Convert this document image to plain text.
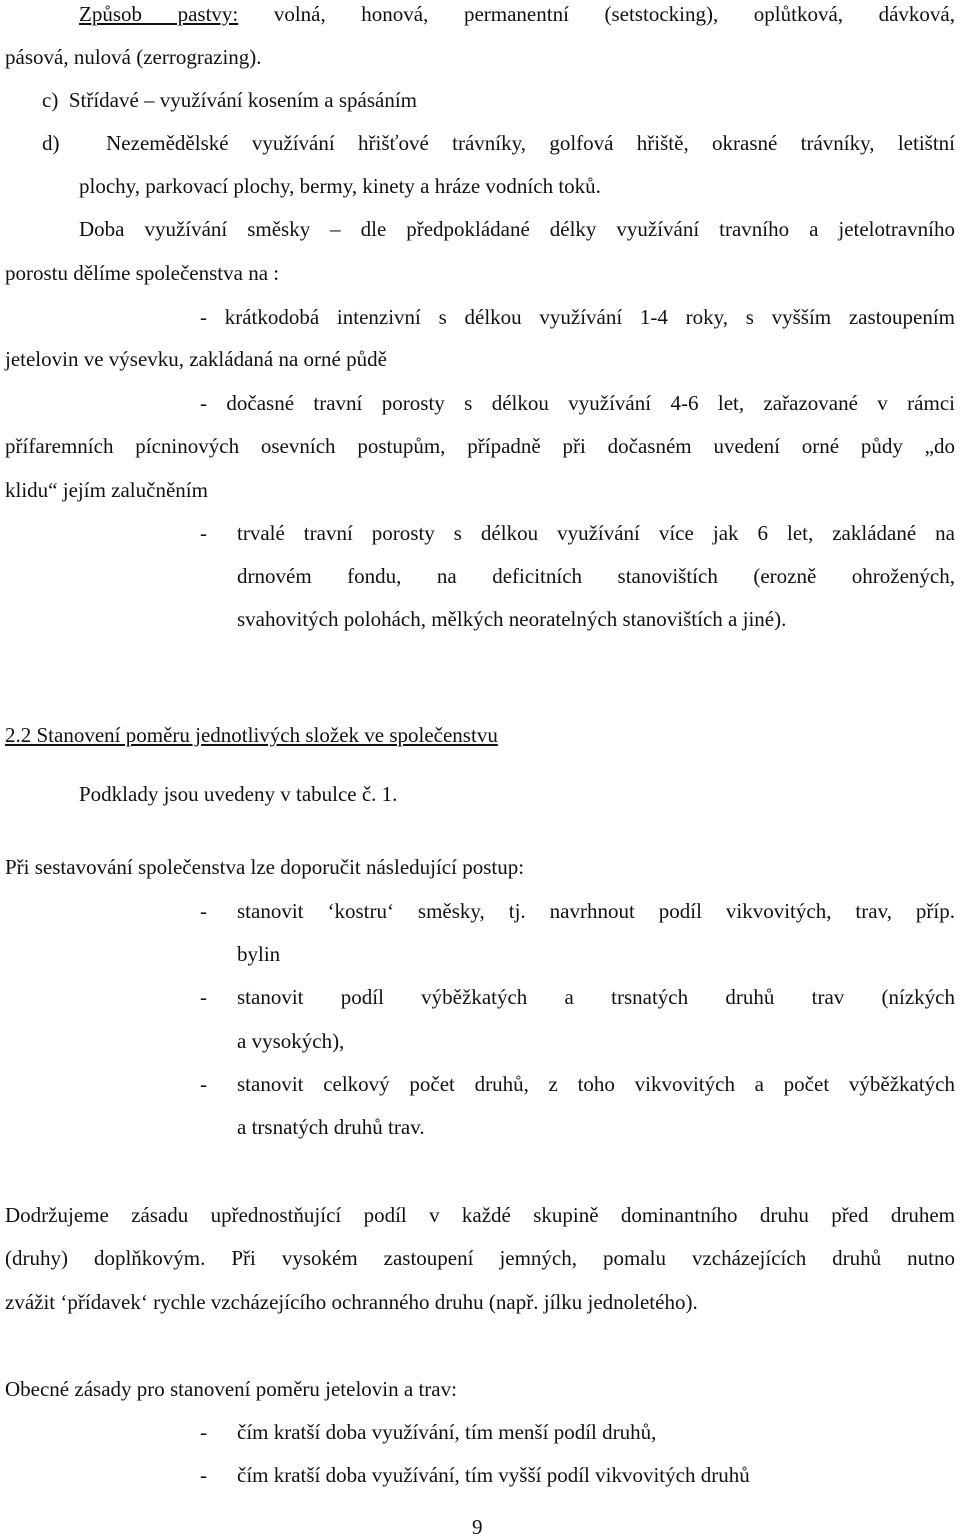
Způsob pastvy: volná, honová, permanentní (setstocking), oplůtková, dávková,
pásová, nulová (zerrograzing).
c)  Střídavé – využívání kosením a spásáním
d)  Nezemědělské využívání hřišťové trávníky, golfová hřiště, okrasné trávníky, letištní
plochy, parkovací plochy, bermy, kinety a hráze vodních toků.
Doba využívání směsky – dle předpokládané délky využívání travního a jetelotravního
porostu dělíme společenstva na :
- krátkodobá intenzivní s délkou využívání 1-4 roky, s vyšším zastoupením
jetelovin ve výsevku, zakládaná na orné půdě
- dočasné travní porosty s délkou využívání 4-6 let, zařazované v rámci
přífaremních pícninových osevních postupům, případně při dočasném uvedení orné půdy „do
klidu“ jejím zalučněním
- trvalé travní porosty s délkou využívání více jak 6 let, zakládané na
drnovém fondu, na deficitních stanovištích (erozně ohrožených,
svahovitých polohách, mělkých neoratelných stanovištích a jiné).
2.2 Stanovení poměru jednotlivých složek ve společenstvu
Podklady jsou uvedeny v tabulce č. 1.
Při sestavování společenstva lze doporučit následující postup:
- stanovit ‘kostru‘ směsky, tj. navrhnout podíl vikvovitých, trav, příp.
bylin
- stanovit podíl výběžkatých a trsnatých druhů trav (nízkých
a vysokých),
- stanovit celkový počet druhů, z toho vikvovitých a počet výběžkatých
a trsnatých druhů trav.
Dodržujeme zásadu upřednostňující podíl v každé skupině dominantního druhu před druhem
(druhy) doplňkovým. Při vysokém zastoupení jemných, pomalu vzcházejících druhů nutno
zvážit ‘přídavek‘ rychle vzcházejícího ochranného druhu (např. jílku jednoletého).
Obecné zásady pro stanovení poměru jetelovin a trav:
- čím kratší doba využívání, tím menší podíl druhů,
- čím kratší doba využívání, tím vyšší podíl vikvovitých druhů
9
